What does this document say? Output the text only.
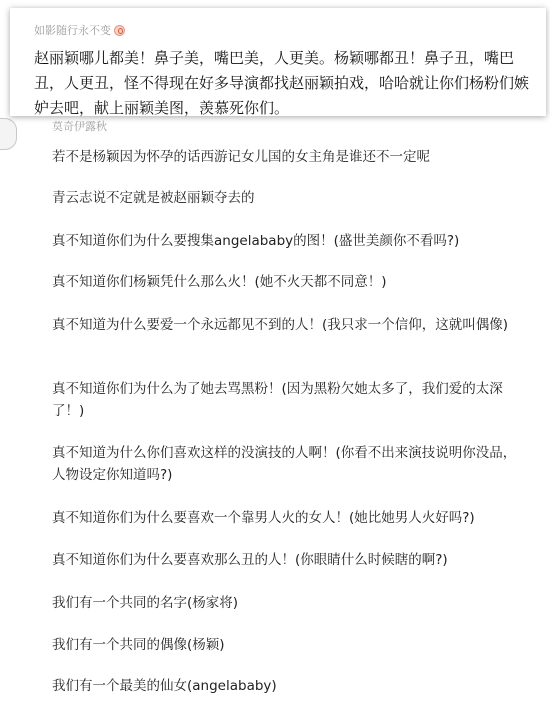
如影随行永不变
赵丽颖哪儿都美！鼻子美，嘴巴美，人更美。杨颖哪都丑！鼻子丑，嘴巴丑，人更丑，怪不得现在好多导演都找赵丽颖拍戏，哈哈就让你们杨粉们嫉妒去吧，献上丽颖美图，羡慕死你们。
莫奇伊露秋
若不是杨颖因为怀孕的话西游记女儿国的女主角是谁还不一定呢
青云志说不定就是被赵丽颖夺去的
真不知道你们为什么要搜集angelababy的图！(盛世美颜你不看吗?)
真不知道你们杨颖凭什么那么火！(她不火天都不同意！)
真不知道为什么要爱一个永远都见不到的人！(我只求一个信仰，这就叫偶像)
真不知道你们为什么为了她去骂黑粉！(因为黑粉欠她太多了，我们爱的太深了！)
真不知道为什么你们喜欢这样的没演技的人啊！(你看不出来演技说明你没品，人物设定你知道吗?)
真不知道你们为什么要喜欢一个靠男人火的女人！(她比她男人火好吗?)
真不知道你们为什么要喜欢那么丑的人！(你眼睛什么时候瞎的啊?)
我们有一个共同的名字(杨家将)
我们有一个共同的偶像(杨颖)
我们有一个最美的仙女(angelababy)
